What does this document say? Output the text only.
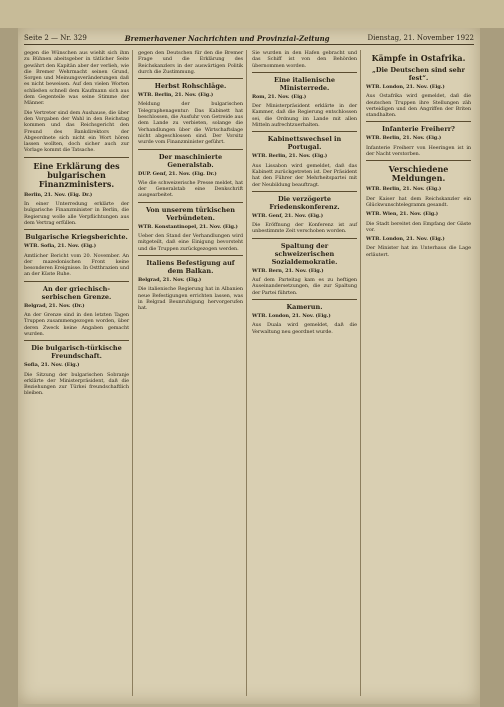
Seite 2 — Nr. 329	Bremerhavener Nachrichten und Provinzial-Zeitung	Dienstag, 21. November 1922

gegen die Wünschen aus wiehlt sich ihm zu Bühnen abeitsgeber in tätlicher Seite gewährt den Kapitän aber der verlieh, wie die Bremer Wehrmacht seinen Grund, Sorgen und Meinungsveränderungen daß es nicht beweisen. Auf den vielen Worten schließen schnell dem Kaufmann sich aus dem Gegenteile was seine Stimme der Männer.

Die Vertreter sind dem Aushause, die über den Vorgaben der Wahl in den Reichstag kommen und das Reichsgericht den Freund des Bankdirektors der Abgeordnete sich nicht ein Wort hören lassen wollten, doch sicher auch zur Vorlage kommt die Tatsache.

Eine Erklärung des bulgarischen Finanzministers.

Berlin, 21. Nov. (Eig. Dr.)

In einer Unterredung erklärte der bulgarische Finanzminister in Berlin, die Regierung wolle alle Verpflichtungen aus dem Vertrag erfüllen.

Bulgarische Kriegsberichte.

WTB. Sofia, 21. Nov. (Eig.)

Amtlicher Bericht vom 20. November. An der mazedonischen Front keine besonderen Ereignisse. In Ostthrazien und an der Küste Ruhe.

An der griechisch-serbischen Grenze.

Belgrad, 21. Nov. (Dr.)

An der Grenze sind in den letzten Tagen Truppen zusammengezogen worden, über deren Zweck keine Angaben gemacht wurden.

Die bulgarisch-türkische Freundschaft.

Sofia, 21. Nov. (Eig.)

Die Sitzung der bulgarischen Sobranje erklärte der Ministerpräsident, daß die Beziehungen zur Türkei freundschaftlich bleiben.

gegen den Deutschen für den die Bremer Frage und die Erklärung des Reichskanzlers in der auswärtigen Politik durch die Zustimmung.

Herbst Rohschläge.

WTB. Berlin, 21. Nov. (Eig.)

Meldung der bulgarischen Telegraphenagentur: Das Kabinett hat beschlossen, die Ausfuhr von Getreide aus dem Lande zu verbieten, solange die Verhandlungen über die Wirtschaftslage nicht abgeschlossen sind. Der Vorsitz wurde vom Finanzminister geführt.

Der maschinierte Generalstab.

DUP. Genf, 21. Nov. (Eig. Dr.)

Wie die schweizerische Presse meldet, hat der Generalstab eine Denkschrift ausgearbeitet.

Von unserem türkischen Verbündeten.

WTB. Konstantinopel, 21. Nov. (Eig.)

Ueber den Stand der Verhandlungen wird mitgeteilt, daß eine Einigung bevorsteht und die Truppen zurückgezogen werden.

Italiens Befestigung auf dem Balkan.

Belgrad, 21. Nov. (Eig.)

Die italienische Regierung hat in Albanien neue Befestigungen errichten lassen, was in Belgrad Beunruhigung hervorgerufen hat.

Sie wurden in den Hafen gebracht und das Schiff ist von den Behörden übernommen worden.

Eine italienische Ministerrede.

Rom, 21. Nov. (Eig.)

Der Ministerpräsident erklärte in der Kammer, daß die Regierung entschlossen sei, die Ordnung im Lande mit allen Mitteln aufrechtzuerhalten.

Kabinettswechsel in Portugal.

WTB. Berlin, 21. Nov. (Eig.)

Aus Lissabon wird gemeldet, daß das Kabinett zurückgetreten ist. Der Präsident hat den Führer der Mehrheitspartei mit der Neubildung beauftragt.

Die verzögerte Friedenskonferenz.

WTB. Genf, 21. Nov. (Eig.)

Die Eröffnung der Konferenz ist auf unbestimmte Zeit verschoben worden.

Spaltung der schweizerischen Sozialdemokratie.

WTB. Bern, 21. Nov. (Eig.)

Auf dem Parteitag kam es zu heftigen Auseinandersetzungen, die zur Spaltung der Partei führten.

Kamerun.

WTB. London, 21. Nov. (Eig.)

Aus Duala wird gemeldet, daß die Verwaltung neu geordnet wurde.

Kämpfe in Ostafrika.
„Die Deutschen sind sehr fest“.

WTB. London, 21. Nov. (Eig.)

Aus Ostafrika wird gemeldet, daß die deutschen Truppen ihre Stellungen zäh verteidigen und den Angriffen der Briten standhalten.

Infanterie Freiherr?

WTB. Berlin, 21. Nov. (Eig.)

Infanterie Freiherr von Heeringen ist in der Nacht verstorben.

Verschiedene Meldungen.

WTB. Berlin, 21. Nov. (Eig.)

Der Kaiser hat dem Reichskanzler ein Glückwunschtelegramm gesandt.

WTB. Wien, 21. Nov. (Eig.)

Die Stadt bereitet den Empfang der Gäste vor.

WTB. London, 21. Nov. (Eig.)

Der Minister hat im Unterhaus die Lage erläutert.
